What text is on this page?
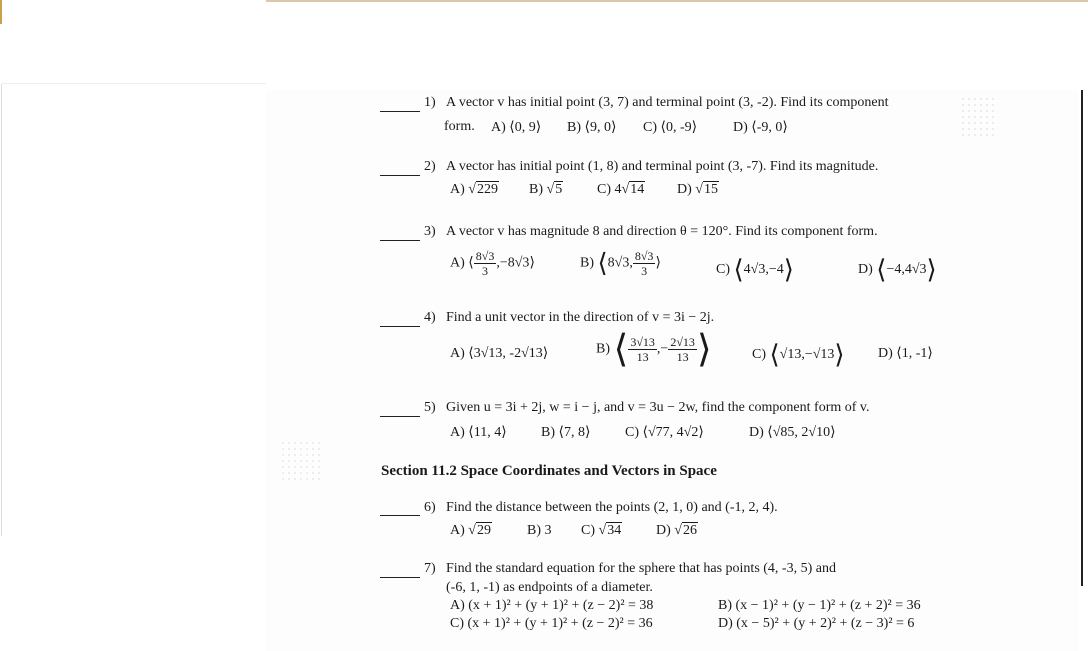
1) A vector v has initial point (3, 7) and terminal point (3, -2). Find its component
form. A) ⟨0, 9⟩ B) ⟨9, 0⟩ C) ⟨0, -9⟩	D) ⟨-9, 0⟩
2) A vector has initial point (1, 8) and terminal point (3, -7). Find its magnitude.
A) √229 B) √5 C) 4√14 D) √15
3) A vector v has magnitude 8 and direction θ = 120°. Find its component form.
A) ⟨ $\frac{8√3}{3}$ ,−8√3⟩	B) ⟨8√3, $\frac{8√3}{3}$ ⟩	C) ⟨4√3,−4⟩	D) ⟨−4,4√3⟩
4) Find a unit vector in the direction of v = 3i − 2j.
A) ⟨3√13, -2√13⟩	B) ⟨ $\frac{3√13}{13}$ ,− $\frac{2√13}{13}$ ⟩	C) ⟨√13,−√13⟩ D) ⟨1, -1⟩
5) Given u = 3i + 2j, w = i − j, and v = 3u − 2w, find the component form of v.
A) ⟨11, 4⟩ B) ⟨7, 8⟩ C) ⟨√77, 4√2⟩	D) ⟨√85, 2√10⟩
Section 11.2 Space Coordinates and Vectors in Space
6) Find the distance between the points (2, 1, 0) and (-1, 2, 4).
A) √29	B) 3 C) √34 D) √26
7) Find the standard equation for the sphere that has points (4, -3, 5) and
(-6, 1, -1) as endpoints of a diameter.
A) (x + 1)² + (y + 1)² + (z − 2)² = 38	B) (x − 1)² + (y − 1)² + (z + 2)² = 36
C) (x + 1)² + (y + 1)² + (z − 2)² = 36	D) (x − 5)² + (y + 2)² + (z − 3)² = 6
